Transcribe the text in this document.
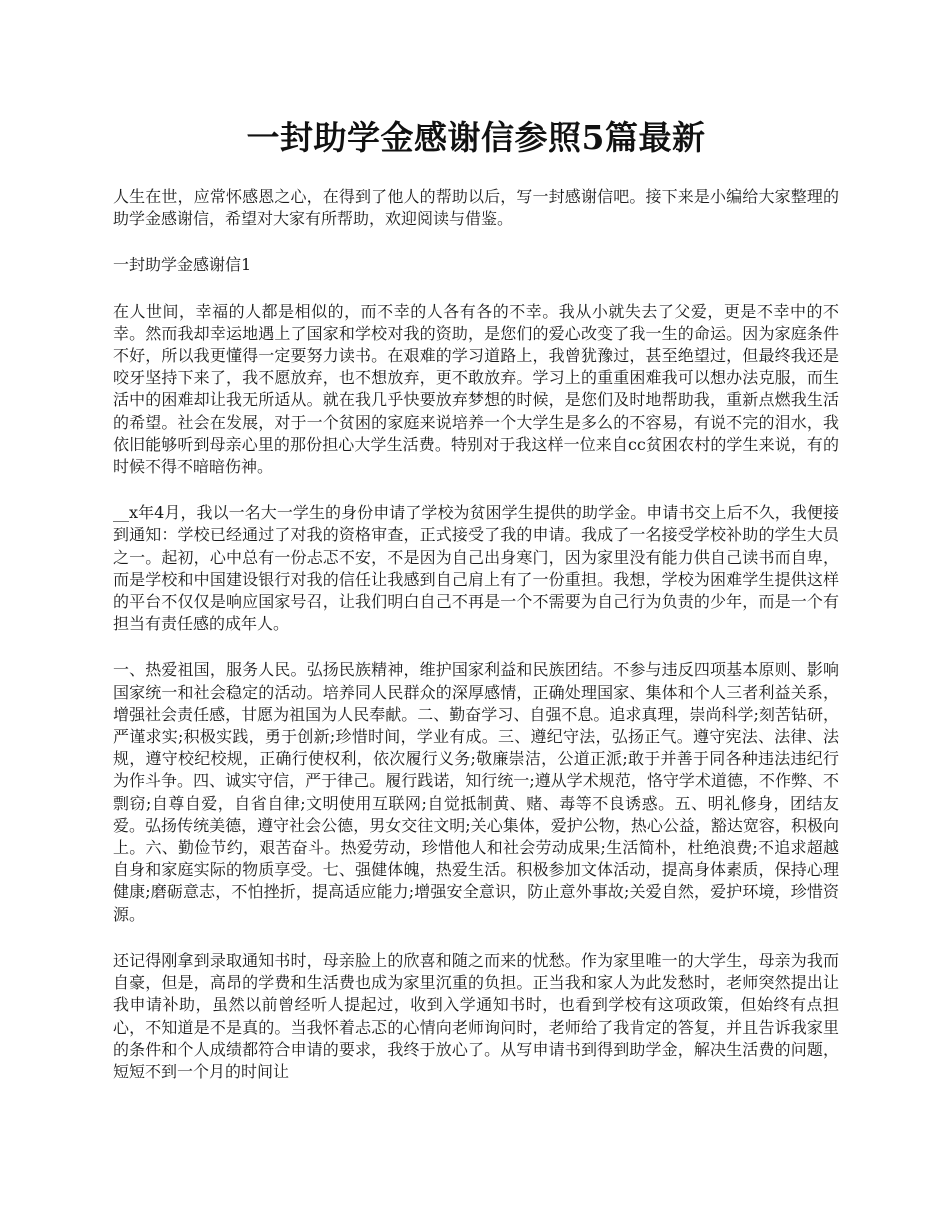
一封助学金感谢信参照5篇最新

人生在世，应常怀感恩之心，在得到了他人的帮助以后，写一封感谢信吧。接下来是小编给大家整理的助学金感谢信，希望对大家有所帮助，欢迎阅读与借鉴。

一封助学金感谢信1

在人世间，幸福的人都是相似的，而不幸的人各有各的不幸。我从小就失去了父爱，更是不幸中的不幸。然而我却幸运地遇上了国家和学校对我的资助，是您们的爱心改变了我一生的命运。因为家庭条件不好，所以我更懂得一定要努力读书。在艰难的学习道路上，我曾犹豫过，甚至绝望过，但最终我还是咬牙坚持下来了，我不愿放弃，也不想放弃，更不敢放弃。学习上的重重困难我可以想办法克服，而生活中的困难却让我无所适从。就在我几乎快要放弃梦想的时候，是您们及时地帮助我，重新点燃我生活的希望。社会在发展，对于一个贫困的家庭来说培养一个大学生是多么的不容易，有说不完的泪水，我依旧能够听到母亲心里的那份担心大学生活费。特别对于我这样一位来自cc贫困农村的学生来说，有的时候不得不暗暗伤神。

__x年4月，我以一名大一学生的身份申请了学校为贫困学生提供的助学金。申请书交上后不久，我便接到通知：学校已经通过了对我的资格审查，正式接受了我的申请。我成了一名接受学校补助的学生大员之一。起初，心中总有一份忐忑不安，不是因为自己出身寒门，因为家里没有能力供自己读书而自卑，而是学校和中国建设银行对我的信任让我感到自己肩上有了一份重担。我想，学校为困难学生提供这样的平台不仅仅是响应国家号召，让我们明白自己不再是一个不需要为自己行为负责的少年，而是一个有担当有责任感的成年人。

一、热爱祖国，服务人民。弘扬民族精神，维护国家利益和民族团结。不参与违反四项基本原则、影响国家统一和社会稳定的活动。培养同人民群众的深厚感情，正确处理国家、集体和个人三者利益关系，增强社会责任感，甘愿为祖国为人民奉献。二、勤奋学习、自强不息。追求真理，崇尚科学;刻苦钻研，严谨求实;积极实践，勇于创新;珍惜时间，学业有成。三、遵纪守法，弘扬正气。遵守宪法、法律、法规，遵守校纪校规，正确行使权利，依次履行义务;敬廉崇洁，公道正派;敢于并善于同各种违法违纪行为作斗争。四、诚实守信，严于律己。履行践诺，知行统一;遵从学术规范，恪守学术道德，不作弊、不剽窃;自尊自爱，自省自律;文明使用互联网;自觉抵制黄、赌、毒等不良诱惑。五、明礼修身，团结友爱。弘扬传统美德，遵守社会公德，男女交往文明;关心集体，爱护公物，热心公益，豁达宽容，积极向上。六、勤俭节约，艰苦奋斗。热爱劳动，珍惜他人和社会劳动成果;生活简朴，杜绝浪费;不追求超越自身和家庭实际的物质享受。七、强健体魄，热爱生活。积极参加文体活动，提高身体素质，保持心理健康;磨砺意志，不怕挫折，提高适应能力;增强安全意识，防止意外事故;关爱自然，爱护环境，珍惜资源。

还记得刚拿到录取通知书时，母亲脸上的欣喜和随之而来的忧愁。作为家里唯一的大学生，母亲为我而自豪，但是，高昂的学费和生活费也成为家里沉重的负担。正当我和家人为此发愁时，老师突然提出让我申请补助，虽然以前曾经听人提起过，收到入学通知书时，也看到学校有这项政策，但始终有点担心，不知道是不是真的。当我怀着忐忑的心情向老师询问时，老师给了我肯定的答复，并且告诉我家里的条件和个人成绩都符合申请的要求，我终于放心了。从写申请书到得到助学金，解决生活费的问题，短短不到一个月的时间让
